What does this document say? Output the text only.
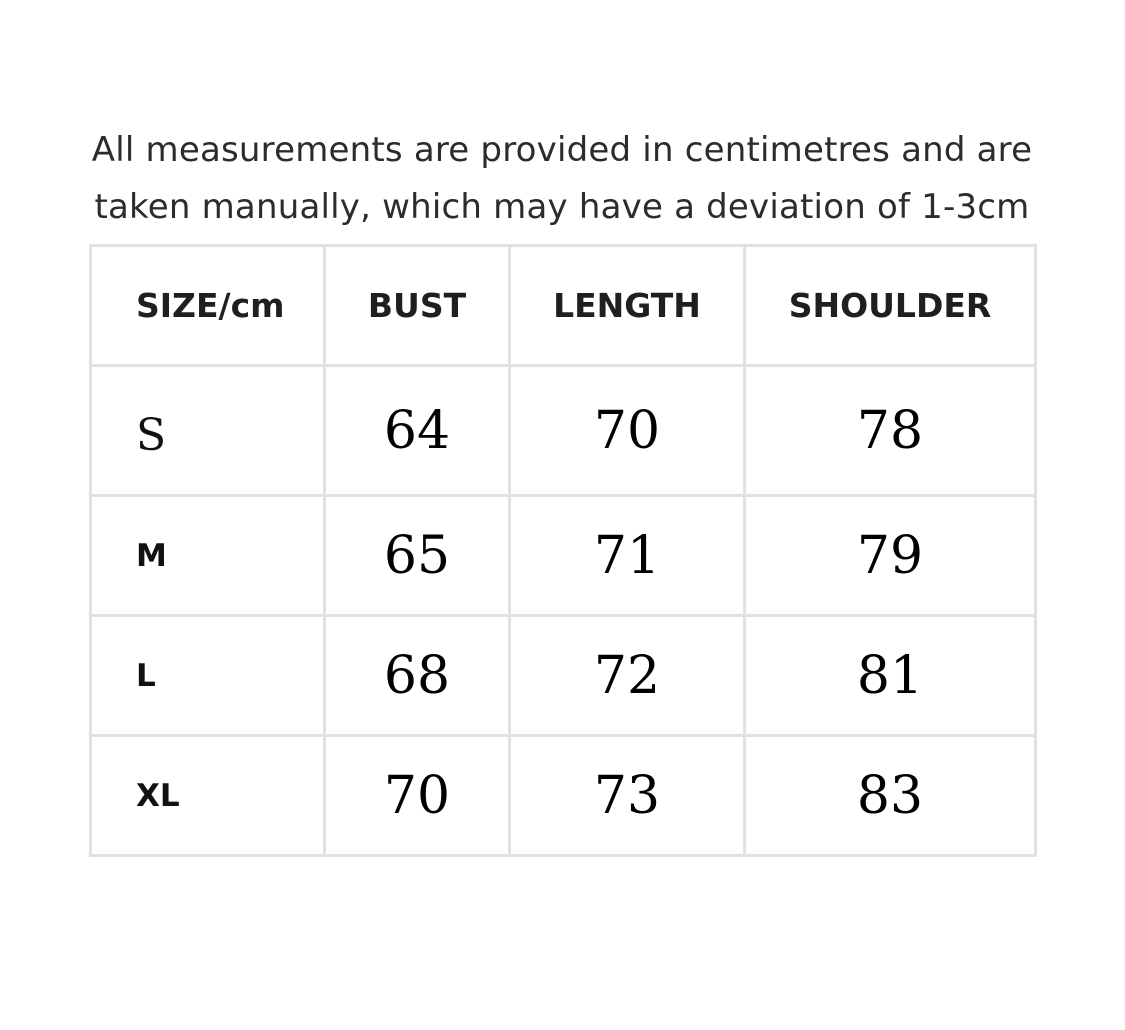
All measurements are provided in centimetres and are
taken manually, which may have a deviation of 1-3cm
SIZE/cm	BUST	LENGTH	SHOULDER
S	64	70	78
M	65	71	79
L	68	72	81
XL	70	73	83
